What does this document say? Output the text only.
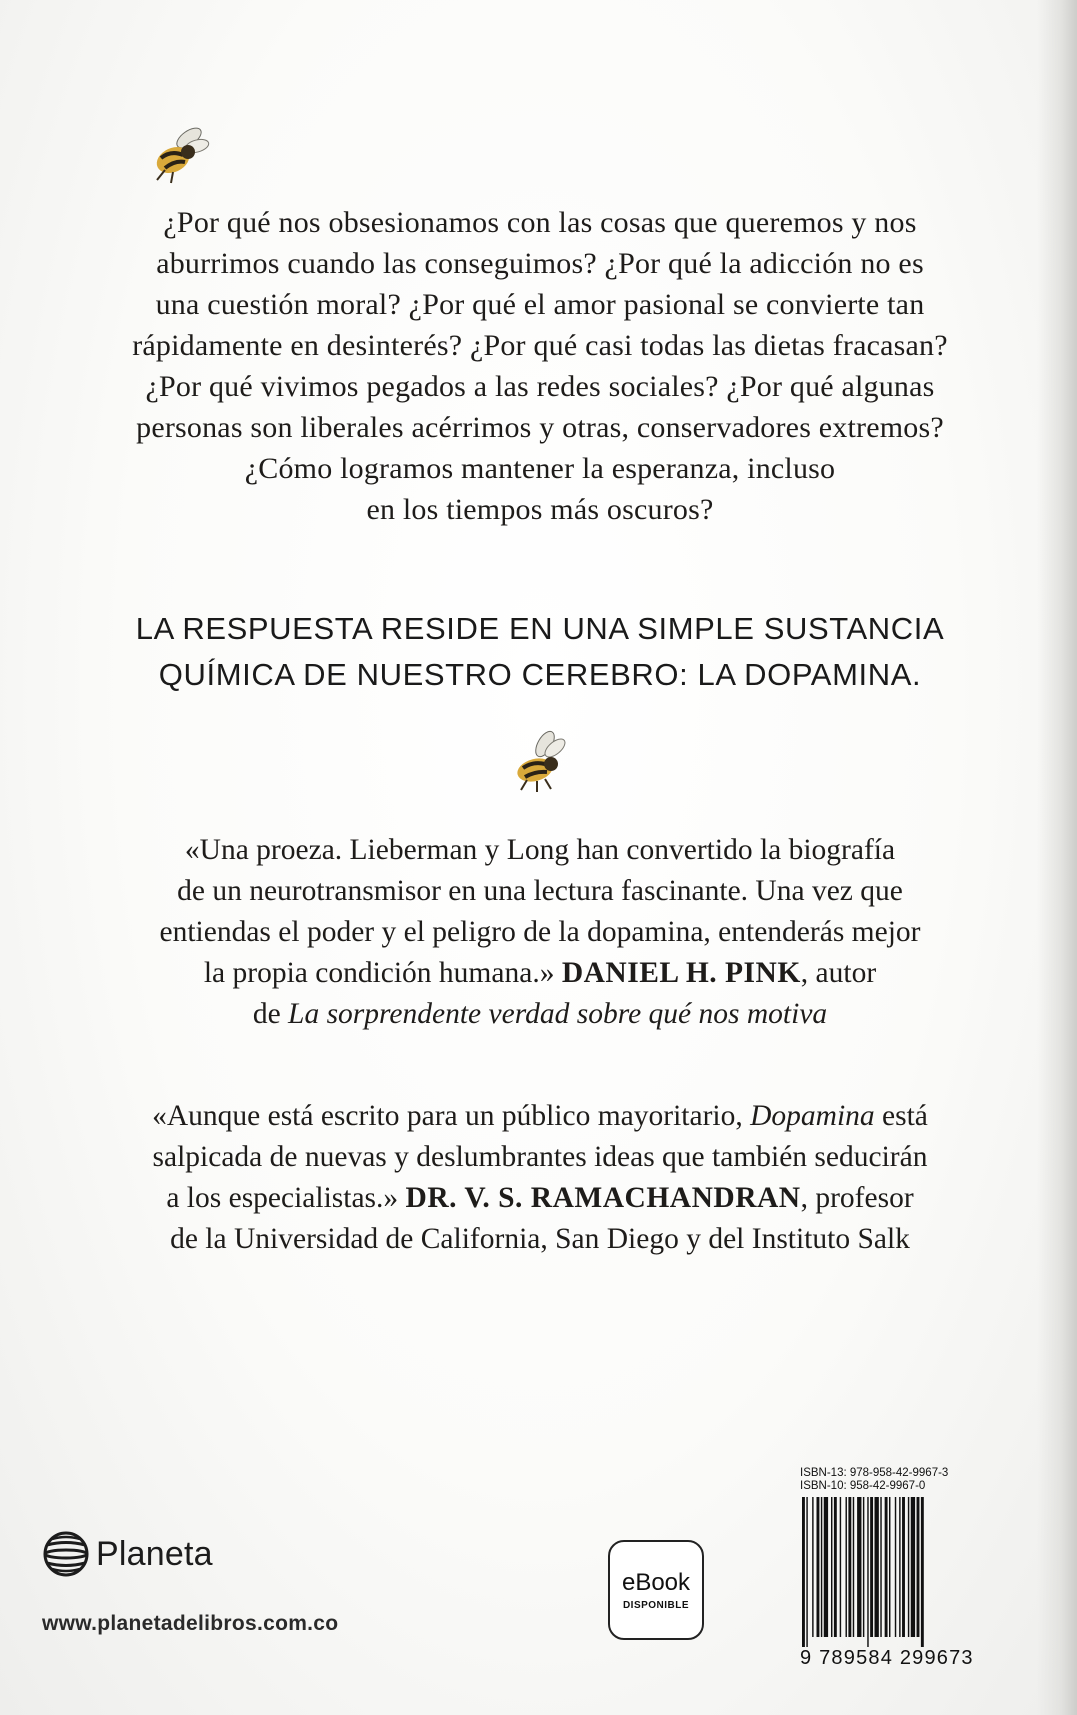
¿Por qué nos obsesionamos con las cosas que queremos y nos

aburrimos cuando las conseguimos? ¿Por qué la adicción no es

una cuestión moral? ¿Por qué el amor pasional se convierte tan

rápidamente en desinterés? ¿Por qué casi todas las dietas fracasan?

¿Por qué vivimos pegados a las redes sociales? ¿Por qué algunas

personas son liberales acérrimos y otras, conservadores extremos?

¿Cómo logramos mantener la esperanza, incluso

en los tiempos más oscuros?

LA RESPUESTA RESIDE EN UNA SIMPLE SUSTANCIA

QUÍMICA DE NUESTRO CEREBRO: LA DOPAMINA.

«Una proeza. Lieberman y Long han convertido la biografía

de un neurotransmisor en una lectura fascinante. Una vez que

entiendas el poder y el peligro de la dopamina, entenderás mejor

la propia condición humana.» DANIEL H. PINK, autor

de La sorprendente verdad sobre qué nos motiva

«Aunque está escrito para un público mayoritario, Dopamina está

salpicada de nuevas y deslumbrantes ideas que también seducirán

a los especialistas.» DR. V. S. RAMACHANDRAN, profesor

de la Universidad de California, San Diego y del Instituto Salk

Planeta
www.planetadelibros.com.co
eBook
DISPONIBLE
ISBN-13: 978-958-42-9967-3
ISBN-10: 958-42-9967-0
9 789584 299673
